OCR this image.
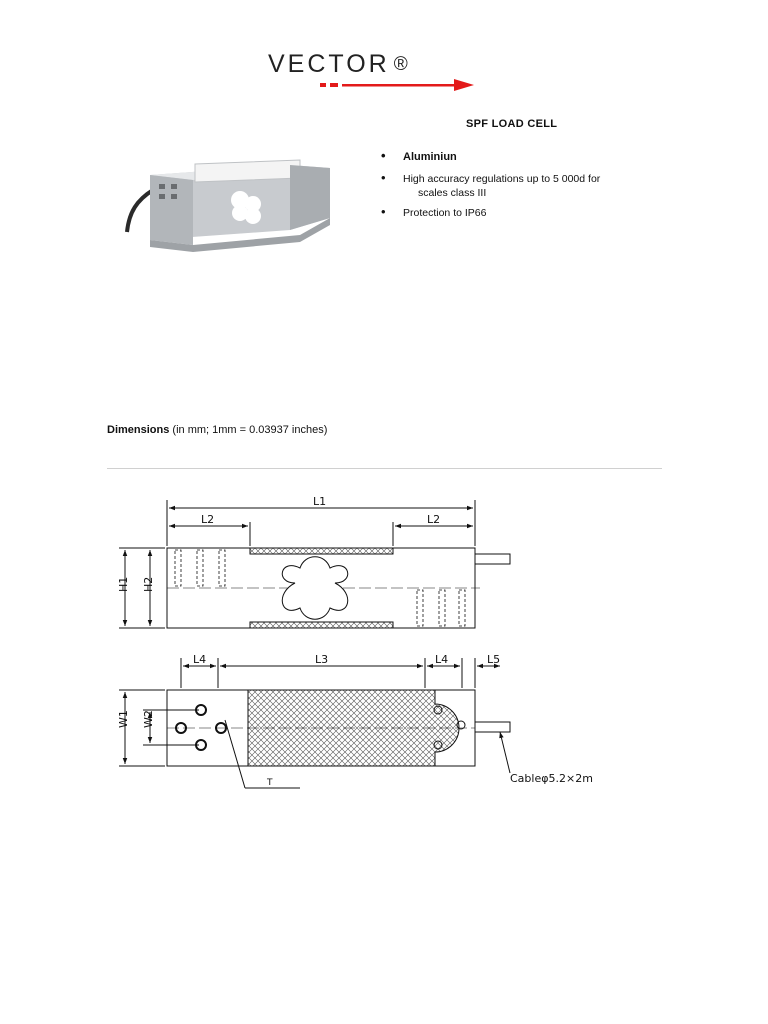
VECTOR ®
SPF LOAD CELL
• Aluminiun
• High accuracy regulations up to 5 000d for
scales class III
• Protection to IP66
Dimensions (in mm; 1mm = 0.03937 inches)
L1
L2	L2
H1 H2
L4	L3	L4	L5
W1 W2
T	Cableφ5.2×2m
